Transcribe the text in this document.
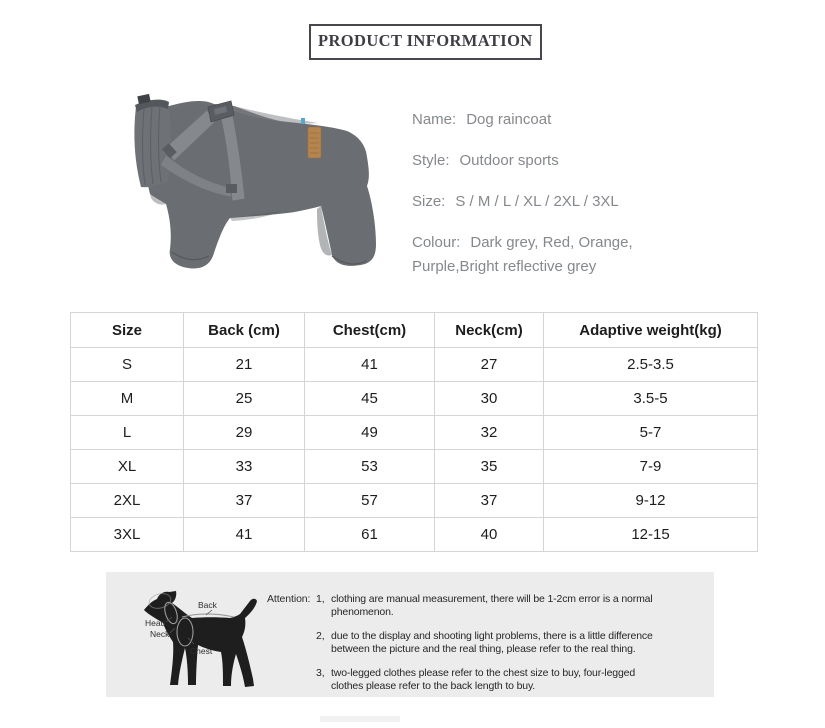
PRODUCT INFORMATION
Name: Dog raincoat
Style: Outdoor sports
Size: S / M / L / XL / 2XL / 3XL
Colour: Dark grey, Red, Orange,
Purple,Bright reflective grey
Size	Back (cm)	Chest(cm)	Neck(cm)	Adaptive weight(kg)
S	21	41	27	2.5-3.5
M	25	45	30	3.5-5
L	29	49	32	5-7
XL	33	53	35	7-9
2XL	37	57	37	9-12
3XL	41	61	40	12-15
Back
Head
Neck
Chest
Attention: 1, clothing are manual measurement, there will be 1-2cm error is a normal
phenomenon.
2, due to the display and shooting light problems, there is a little difference
between the picture and the real thing, please refer to the real thing.
3, two-legged clothes please refer to the chest size to buy, four-legged
clothes please refer to the back length to buy.
